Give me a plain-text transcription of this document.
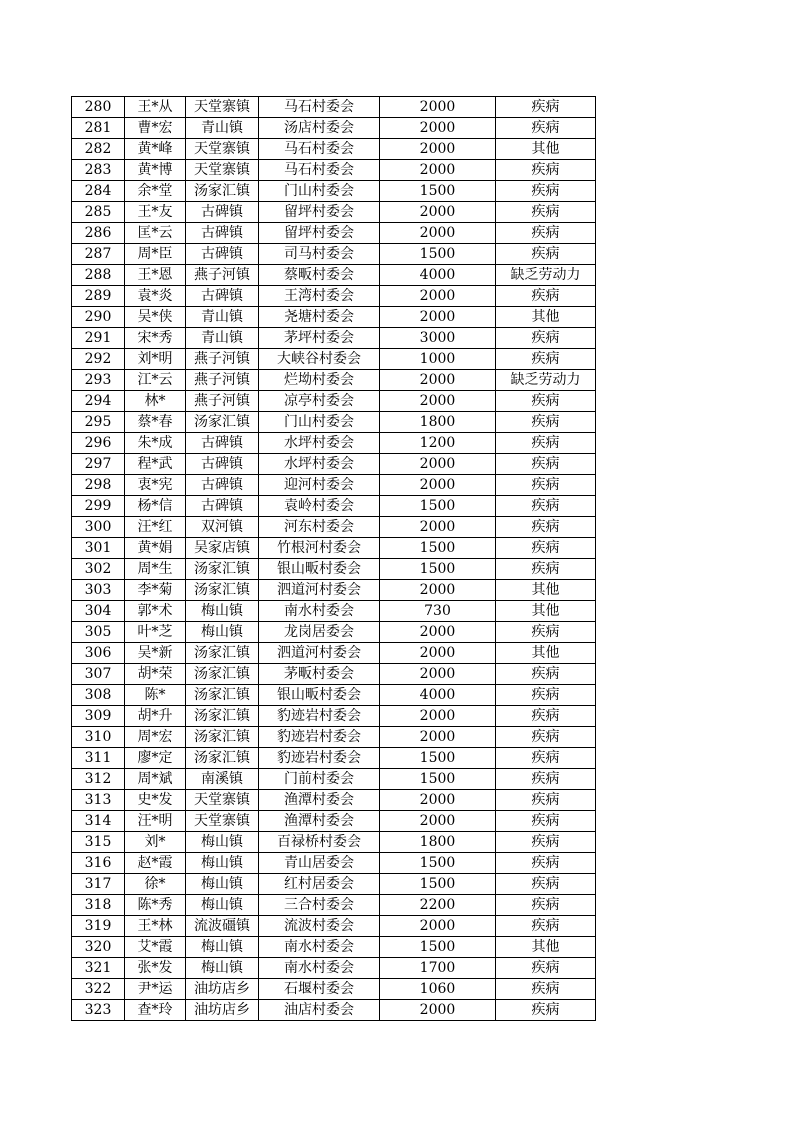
280	王*从	天堂寨镇	马石村委会	2000	疾病
281	曹*宏	青山镇	汤店村委会	2000	疾病
282	黄*峰	天堂寨镇	马石村委会	2000	其他
283	黄*博	天堂寨镇	马石村委会	2000	疾病
284	余*堂	汤家汇镇	门山村委会	1500	疾病
285	王*友	古碑镇	留坪村委会	2000	疾病
286	匡*云	古碑镇	留坪村委会	2000	疾病
287	周*臣	古碑镇	司马村委会	1500	疾病
288	王*恩	燕子河镇	蔡畈村委会	4000	缺乏劳动力
289	袁*炎	古碑镇	王湾村委会	2000	疾病
290	吴*侠	青山镇	尧塘村委会	2000	其他
291	宋*秀	青山镇	茅坪村委会	3000	疾病
292	刘*明	燕子河镇	大峡谷村委会	1000	疾病
293	江*云	燕子河镇	烂坳村委会	2000	缺乏劳动力
294	林*	燕子河镇	凉亭村委会	2000	疾病
295	蔡*春	汤家汇镇	门山村委会	1800	疾病
296	朱*成	古碑镇	水坪村委会	1200	疾病
297	程*武	古碑镇	水坪村委会	2000	疾病
298	衷*宪	古碑镇	迎河村委会	2000	疾病
299	杨*信	古碑镇	袁岭村委会	1500	疾病
300	汪*红	双河镇	河东村委会	2000	疾病
301	黄*娟	吴家店镇	竹根河村委会	1500	疾病
302	周*生	汤家汇镇	银山畈村委会	1500	疾病
303	李*菊	汤家汇镇	泗道河村委会	2000	其他
304	郭*术	梅山镇	南水村委会	730	其他
305	叶*芝	梅山镇	龙岗居委会	2000	疾病
306	吴*新	汤家汇镇	泗道河村委会	2000	其他
307	胡*荣	汤家汇镇	茅畈村委会	2000	疾病
308	陈*	汤家汇镇	银山畈村委会	4000	疾病
309	胡*升	汤家汇镇	豹迹岩村委会	2000	疾病
310	周*宏	汤家汇镇	豹迹岩村委会	2000	疾病
311	廖*定	汤家汇镇	豹迹岩村委会	1500	疾病
312	周*斌	南溪镇	门前村委会	1500	疾病
313	史*发	天堂寨镇	渔潭村委会	2000	疾病
314	汪*明	天堂寨镇	渔潭村委会	2000	疾病
315	刘*	梅山镇	百禄桥村委会	1800	疾病
316	赵*霞	梅山镇	青山居委会	1500	疾病
317	徐*	梅山镇	红村居委会	1500	疾病
318	陈*秀	梅山镇	三合村委会	2200	疾病
319	王*林	流波礓镇	流波村委会	2000	疾病
320	艾*霞	梅山镇	南水村委会	1500	其他
321	张*发	梅山镇	南水村委会	1700	疾病
322	尹*运	油坊店乡	石堰村委会	1060	疾病
323	查*玲	油坊店乡	油店村委会	2000	疾病
